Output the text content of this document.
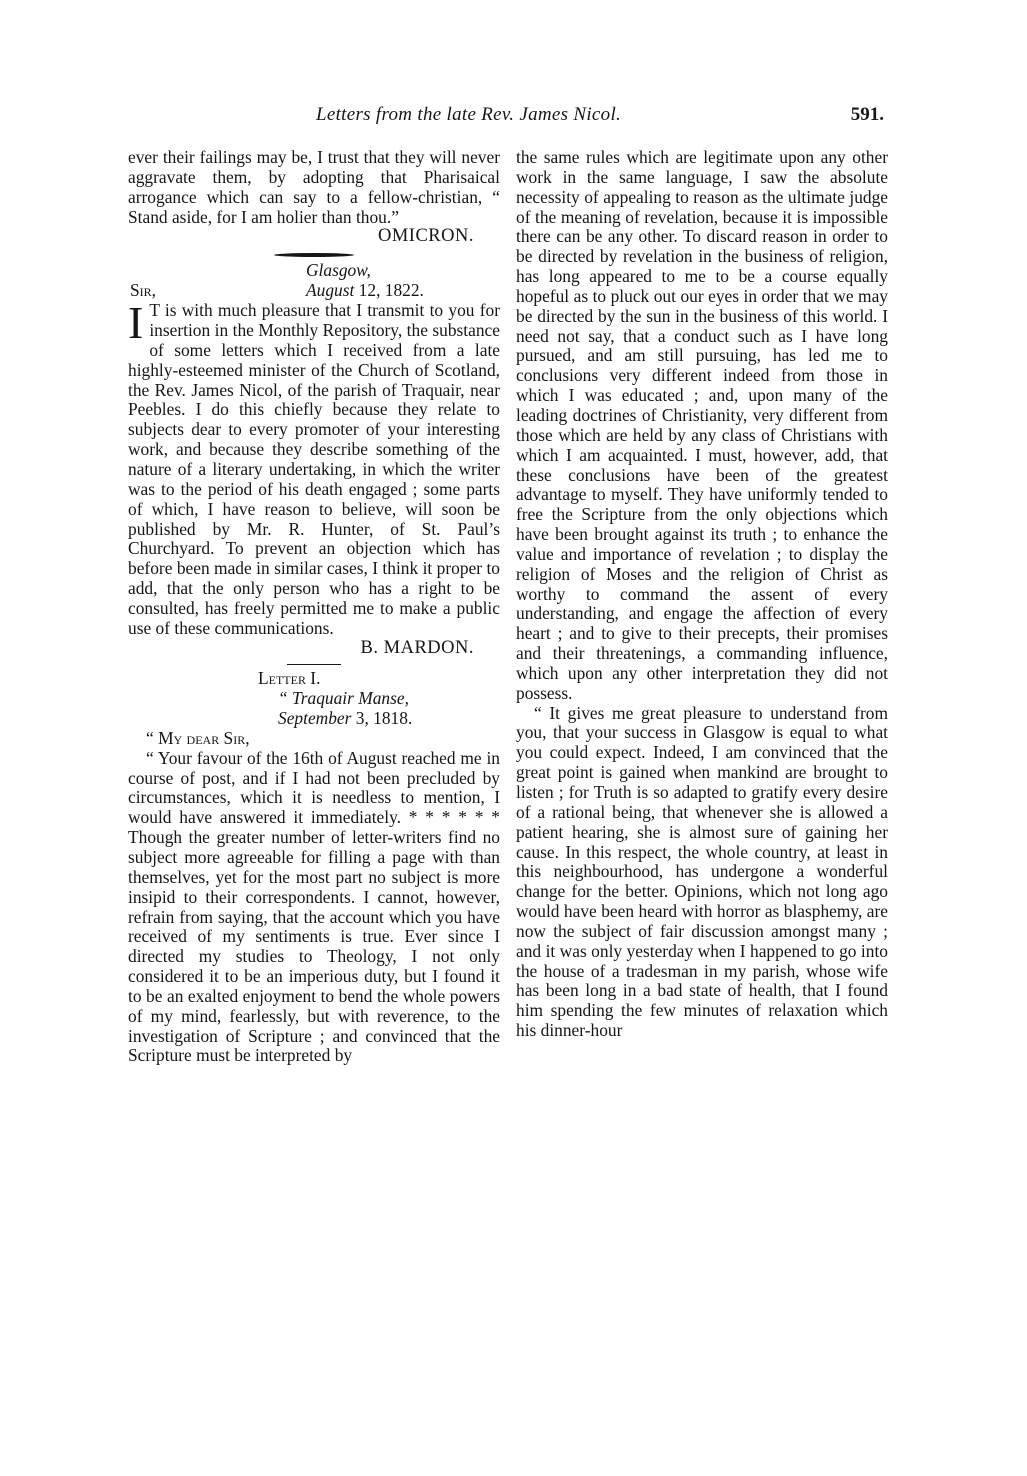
Letters from the late Rev. James Nicol.	591.

ever their failings may be, I trust that they will never aggravate them, by adopting that Pharisaical arrogance which can say to a fellow-christian, “ Stand aside, for I am holier than thou.”

OMICRON.

Glasgow,
Sir,	August 12, 1822.

I T is with much pleasure that I transmit to you for insertion in the Monthly Repository, the substance of some letters which I received from a late highly-esteemed minister of the Church of Scotland, the Rev. James Nicol, of the parish of Traquair, near Peebles. I do this chiefly because they relate to subjects dear to every promoter of your interesting work, and because they describe something of the nature of a literary undertaking, in which the writer was to the period of his death engaged ; some parts of which, I have reason to believe, will soon be published by Mr. R. Hunter, of St. Paul’s Churchyard. To prevent an objection which has before been made in similar cases, I think it proper to add, that the only person who has a right to be consulted, has freely permitted me to make a public use of these communications.

B. MARDON.

Letter I.

“ Traquair Manse,

September 3, 1818.

“ My dear Sir,

“ Your favour of the 16th of August reached me in course of post, and if I had not been precluded by circumstances, which it is needless to mention, I would have answered it immediately. * * * * * * Though the greater number of letter-writers find no subject more agreeable for filling a page with than themselves, yet for the most part no subject is more insipid to their correspondents. I cannot, however, refrain from saying, that the account which you have received of my sentiments is true. Ever since I directed my studies to Theology, I not only considered it to be an imperious duty, but I found it to be an exalted enjoyment to bend the whole powers of my mind, fearlessly, but with reverence, to the investigation of Scripture ; and convinced that the Scripture must be interpreted by

the same rules which are legitimate upon any other work in the same language, I saw the absolute necessity of appealing to reason as the ultimate judge of the meaning of revelation, because it is impossible there can be any other. To discard reason in order to be directed by revelation in the business of religion, has long appeared to me to be a course equally hopeful as to pluck out our eyes in order that we may be directed by the sun in the business of this world. I need not say, that a conduct such as I have long pursued, and am still pursuing, has led me to conclusions very different indeed from those in which I was educated ; and, upon many of the leading doctrines of Christianity, very different from those which are held by any class of Christians with which I am acquainted. I must, however, add, that these conclusions have been of the greatest advantage to myself. They have uniformly tended to free the Scripture from the only objections which have been brought against its truth ; to enhance the value and importance of revelation ; to display the religion of Moses and the religion of Christ as worthy to command the assent of every understanding, and engage the affection of every heart ; and to give to their precepts, their promises and their threatenings, a commanding influence, which upon any other interpretation they did not possess.

“ It gives me great pleasure to understand from you, that your success in Glasgow is equal to what you could expect. Indeed, I am convinced that the great point is gained when mankind are brought to listen ; for Truth is so adapted to gratify every desire of a rational being, that whenever she is allowed a patient hearing, she is almost sure of gaining her cause. In this respect, the whole country, at least in this neighbourhood, has undergone a wonderful change for the better. Opinions, which not long ago would have been heard with horror as blasphemy, are now the subject of fair discussion amongst many ; and it was only yesterday when I happened to go into the house of a tradesman in my parish, whose wife has been long in a bad state of health, that I found him spending the few minutes of relaxation which his dinner-hour
